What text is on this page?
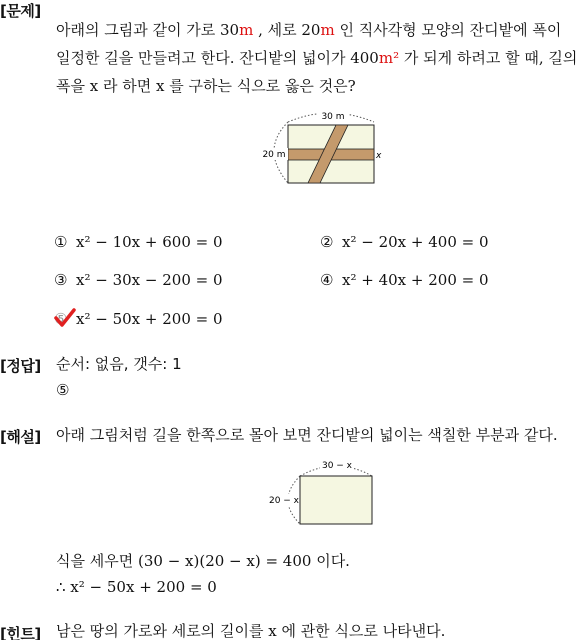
[문제]
아래의 그림과 같이 가로 30m , 세로 20m 인 직사각형 모양의 잔디밭에 폭이
일정한 길을 만들려고 한다. 잔디밭의 넓이가 400m² 가 되게 하려고 할 때, 길의
폭을 x 라 하면 x 를 구하는 식으로 옳은 것은?
30 m
20 m	x
① x² − 10x + 600 = 0	② x² − 20x + 400 = 0
③ x² − 30x − 200 = 0	④ x² + 40x + 200 = 0
⑤ x² − 50x + 200 = 0
[정답] 순서: 없음, 갯수: 1
⑤
[해설] 아래 그림처럼 길을 한쪽으로 몰아 보면 잔디밭의 넓이는 색칠한 부분과 같다.
30 − x
20 − x
식을 세우면 (30 − x)(20 − x) = 400 이다.
∴ x² − 50x + 200 = 0
[힌트] 남은 땅의 가로와 세로의 길이를 x 에 관한 식으로 나타낸다.
